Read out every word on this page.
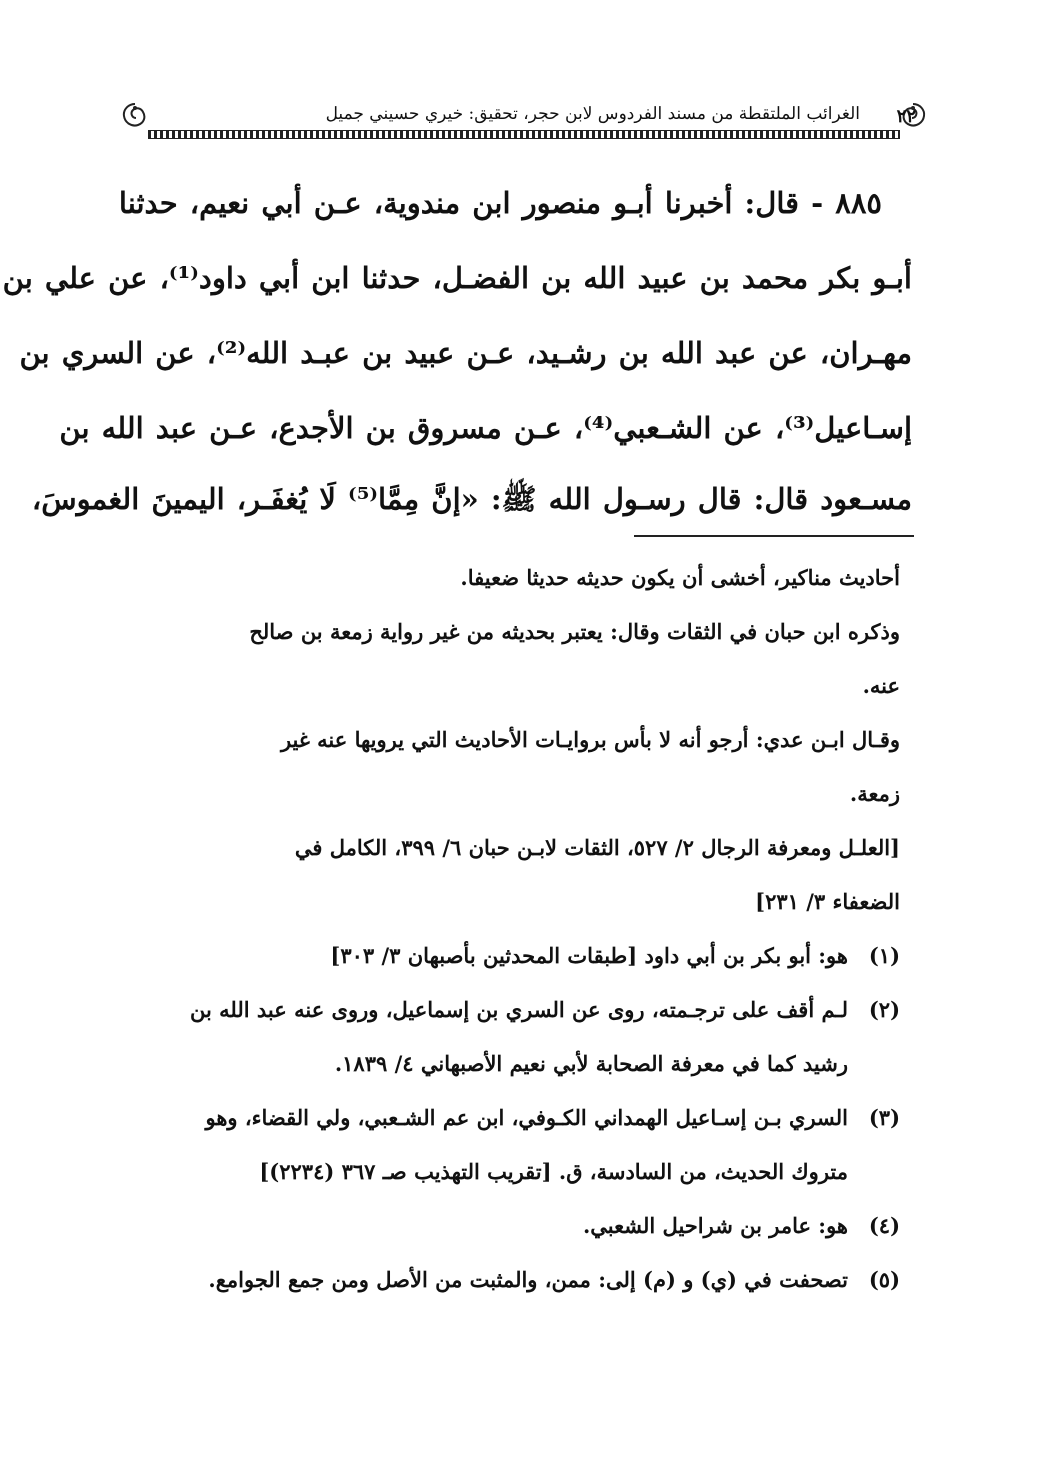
٢٢
الغرائب الملتقطة من مسند الفردوس لابن حجر، تحقيق: خيري حسيني جميل
٨٨٥ - قال: أخبرنا أبـو منصور ابن مندوية، عـن أبي نعيم، حدثنا
أبـو بكر محمد بن عبيد الله بن الفضـل، حدثنا ابن أبي داود⁽¹⁾، عن علي بن
مهـران، عن عبد الله بن رشـيد، عـن عبيد بن عبـد الله⁽²⁾، عن السري بن
إسـاعيل⁽³⁾، عن الشـعبي⁽⁴⁾، عـن مسروق بن الأجدع، عـن عبد الله بن
مسـعود قال: قال رسـول الله ﷺ: «إنَّ مِمَّا⁽⁵⁾ لَا يُغفَـر، اليمينَ الغموسَ،
أحاديث مناكير، أخشى أن يكون حديثه حديثا ضعيفا.
وذكره ابن حبان في الثقات وقال: يعتبر بحديثه من غير رواية زمعة بن صالح
عنه.
وقـال ابـن عدي: أرجو أنه لا بأس بروايـات الأحاديث التي يرويها عنه غير
زمعة.
[العلـل ومعرفة الرجال ٢/ ٥٢٧، الثقات لابـن حبان ٦/ ٣٩٩، الكامل في
الضعفاء ٣/ ٢٣١]
(١)
هو: أبو بكر بن أبي داود [طبقات المحدثين بأصبهان ٣/ ٣٠٣]
(٢)
لـم أقف على ترجـمته، روى عن السري بن إسماعيل، وروى عنه عبد الله بن
رشيد كما في معرفة الصحابة لأبي نعيم الأصبهاني ٤/ ١٨٣٩.
(٣)
السري بـن إسـاعيل الهمداني الكـوفي، ابن عم الشـعبي، ولي القضاء، وهو
متروك الحديث، من السادسة، ق. [تقريب التهذيب صـ ٣٦٧ (٢٢٣٤)]
(٤)
هو: عامر بن شراحيل الشعبي.
(٥)
تصحفت في (ي) و (م) إلى: ممن، والمثبت من الأصل ومن جمع الجوامع.
